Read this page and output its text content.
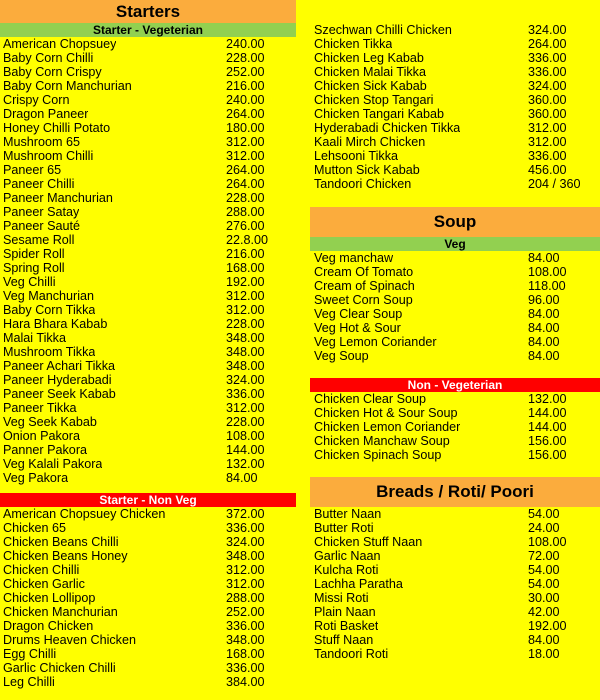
Starters
Starter - Vegeterian
American Chopsuey	240.00
Baby Corn Chilli	228.00
Baby Corn Crispy	252.00
Baby Corn Manchurian	216.00
Crispy Corn	240.00
Dragon Paneer	264.00
Honey Chilli Potato	180.00
Mushroom 65	312.00
Mushroom Chilli	312.00
Paneer 65	264.00
Paneer Chilli	264.00
Paneer Manchurian	228.00
Paneer Satay	288.00
Paneer Sauté	276.00
Sesame Roll	22.8.00
Spider Roll	216.00
Spring Roll	168.00
Veg Chilli	192.00
Veg Manchurian	312.00
Baby Corn Tikka	312.00
Hara Bhara Kabab	228.00
Malai Tikka	348.00
Mushroom Tikka	348.00
Paneer Achari Tikka	348.00
Paneer Hyderabadi	324.00
Paneer Seek Kabab	336.00
Paneer Tikka	312.00
Veg Seek Kabab	228.00
Onion Pakora	108.00
Panner Pakora	144.00
Veg Kalali Pakora	132.00
Veg Pakora	84.00
Starter - Non Veg
American Chopsuey Chicken	372.00
Chicken 65	336.00
Chicken Beans Chilli	324.00
Chicken Beans Honey	348.00
Chicken Chilli	312.00
Chicken Garlic	312.00
Chicken Lollipop	288.00
Chicken Manchurian	252.00
Dragon Chicken	336.00
Drums Heaven Chicken	348.00
Egg Chilli	168.00
Garlic Chicken Chilli	336.00
Leg Chilli	384.00
Szechwan Chilli Chicken	324.00
Chicken Tikka	264.00
Chicken Leg Kabab	336.00
Chicken Malai Tikka	336.00
Chicken Sick Kabab	324.00
Chicken Stop Tangari	360.00
Chicken Tangari Kabab	360.00
Hyderabadi Chicken Tikka	312.00
Kaali Mirch Chicken	312.00
Lehsooni Tikka	336.00
Mutton Sick Kabab	456.00
Tandoori Chicken	204 / 360
Soup
Veg
Veg manchaw	84.00
Cream Of Tomato	108.00
Cream of Spinach	118.00
Sweet Corn Soup	96.00
Veg Clear Soup	84.00
Veg Hot & Sour	84.00
Veg Lemon Coriander	84.00
Veg Soup	84.00
Non - Vegeterian
Chicken Clear Soup	132.00
Chicken Hot & Sour Soup	144.00
Chicken Lemon Coriander	144.00
Chicken Manchaw Soup	156.00
Chicken Spinach Soup	156.00
Breads / Roti/ Poori
Butter Naan	54.00
Butter Roti	24.00
Chicken Stuff Naan	108.00
Garlic Naan	72.00
Kulcha Roti	54.00
Lachha Paratha	54.00
Missi Roti	30.00
Plain Naan	42.00
Roti Basket	192.00
Stuff Naan	84.00
Tandoori Roti	18.00
